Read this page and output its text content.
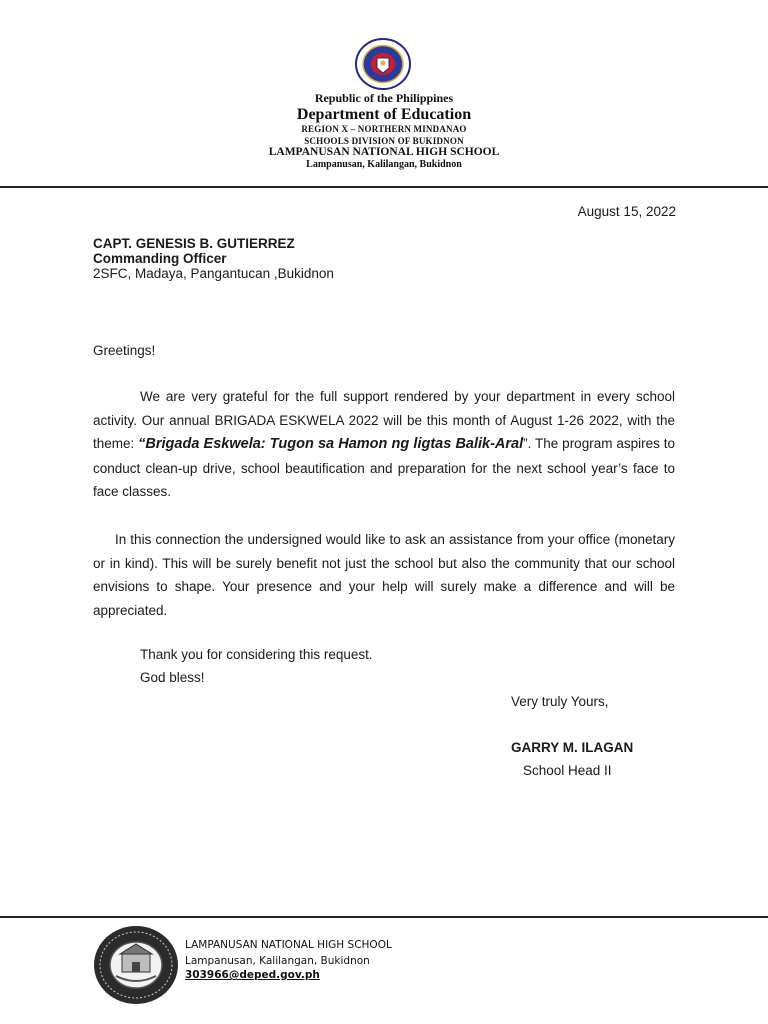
Republic of the Philippines
Department of Education
REGION X – NORTHERN MINDANAO
SCHOOLS DIVISION OF BUKIDNON
LAMPANUSAN NATIONAL HIGH SCHOOL
Lampanusan, Kalilangan, Bukidnon
August 15, 2022
CAPT. GENESIS B. GUTIERREZ
Commanding Officer
2SFC, Madaya, Pangantucan ,Bukidnon
Greetings!
We are very grateful for the full support rendered by your department in every school activity. Our annual BRIGADA ESKWELA 2022 will be this month of August 1-26 2022, with the theme: “Brigada Eskwela: Tugon sa Hamon ng ligtas Balik-Aral”. The program aspires to conduct clean-up drive, school beautification and preparation for the next school year’s face to face classes.
In this connection the undersigned would like to ask an assistance from your office (monetary or in kind). This will be surely benefit not just the school but also the community that our school envisions to shape. Your presence and your help will surely make a difference and will be appreciated.
Thank you for considering this request.
God bless!
Very truly Yours,
GARRY M. ILAGAN
School Head II
LAMPANUSAN NATIONAL HIGH SCHOOL
Lampanusan, Kalilangan, Bukidnon
303966@deped.gov.ph
